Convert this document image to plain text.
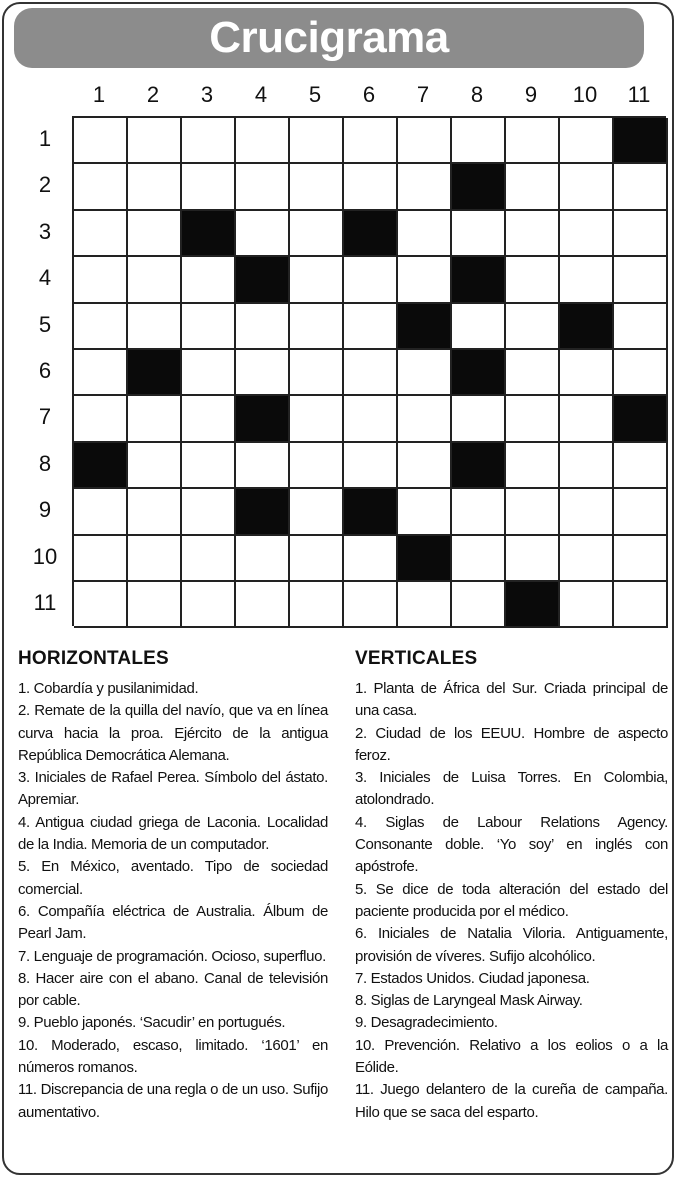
Crucigrama
1	2	3	4	5	6	7	8	9	10	11
1
2
3
4
5
6
7
8
9
10
11
HORIZONTALES

1. Cobardía y pusilanimidad.

2. Remate de la quilla del navío, que va en línea curva hacia la proa. Ejército de la antigua República Democrática Alemana.

3. Iniciales de Rafael Perea. Símbolo del ástato. Apremiar.

4. Antigua ciudad griega de Laconia. Localidad de la India. Memoria de un computador.

5. En México, aventado. Tipo de sociedad comercial.

6. Compañía eléctrica de Australia. Álbum de Pearl Jam.

7. Lenguaje de programación. Ocioso, superfluo.

8. Hacer aire con el abano. Canal de televisión por cable.

9. Pueblo japonés. ‘Sacudir’ en portugués.

10. Moderado, escaso, limitado. ‘1601’ en números romanos.

11. Discrepancia de una regla o de un uso. Sufijo aumentativo.

VERTICALES

1. Planta de África del Sur. Criada principal de una casa.

2. Ciudad de los EEUU. Hombre de aspecto feroz.

3. Iniciales de Luisa Torres. En Colombia, atolondrado.

4. Siglas de Labour Relations Agency. Consonante doble. ‘Yo soy’ en inglés con apóstrofe.

5. Se dice de toda alteración del estado del paciente producida por el médico.

6. Iniciales de Natalia Viloria. Antiguamente, provisión de víveres. Sufijo alcohólico.

7. Estados Unidos. Ciudad japonesa.

8. Siglas de Laryngeal Mask Airway.

9. Desagradecimiento.

10. Prevención. Relativo a los eolios o a la Eólide.

11. Juego delantero de la cureña de campaña. Hilo que se saca del esparto.
